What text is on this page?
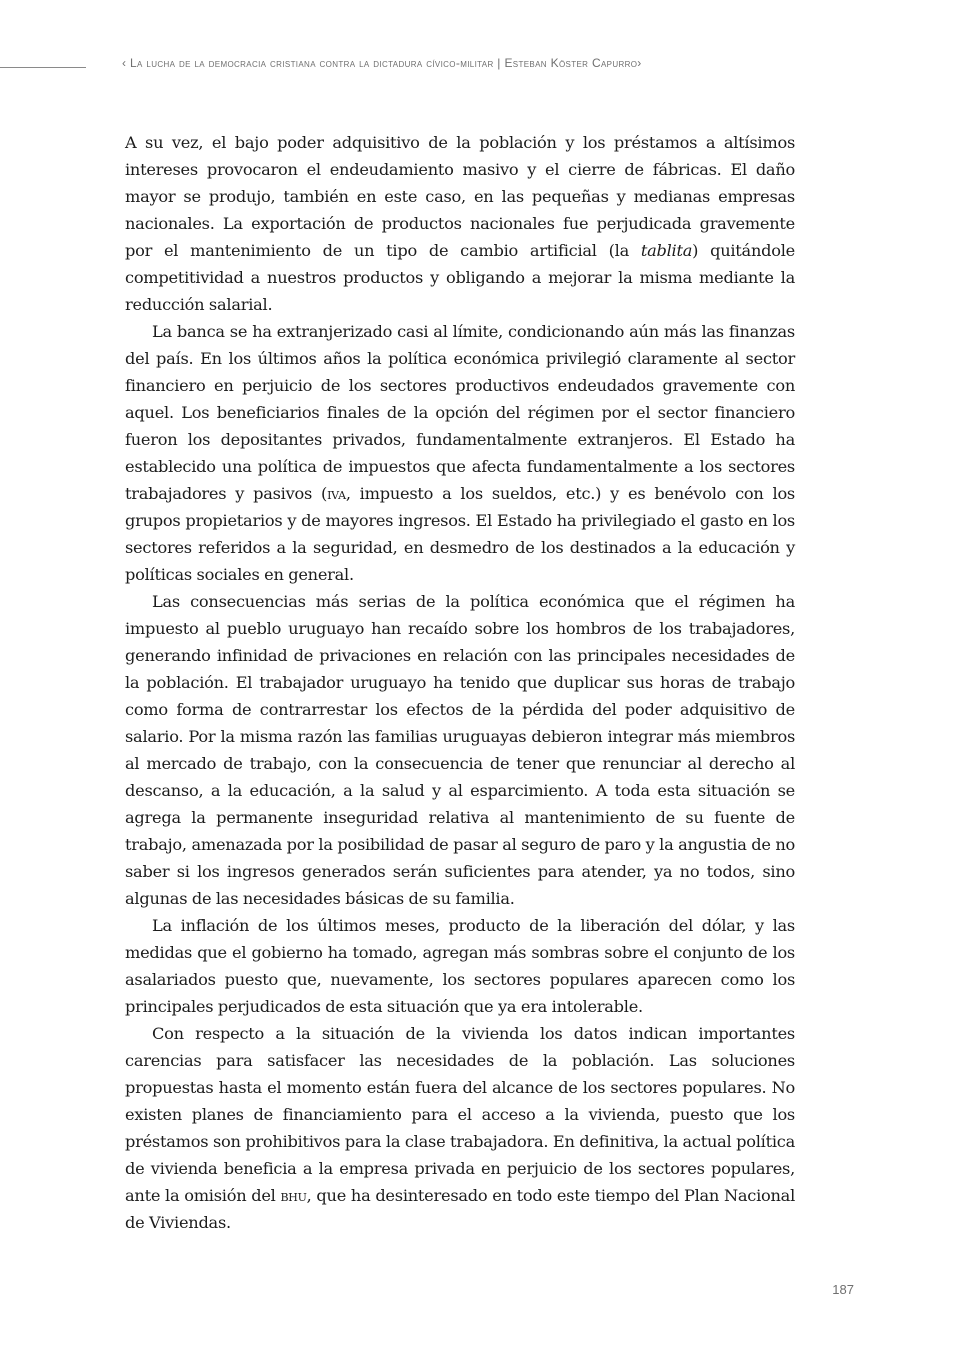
‹ La lucha de la democracia cristiana contra la dictadura cívico-militar | Esteban Köster Capurro›

A su vez, el bajo poder adquisitivo de la población y los préstamos a altísimos intereses provocaron el endeudamiento masivo y el cierre de fábricas. El daño mayor se produjo, también en este caso, en las pequeñas y medianas empresas nacionales. La exportación de productos nacionales fue perjudicada gravemente por el mantenimiento de un tipo de cambio artificial (la tablita) quitándole competitividad a nuestros productos y obligando a mejorar la misma mediante la reducción salarial.

La banca se ha extranjerizado casi al límite, condicionando aún más las finanzas del país. En los últimos años la política económica privilegió claramente al sector financiero en perjuicio de los sectores productivos endeudados gravemente con aquel. Los beneficiarios finales de la opción del régimen por el sector financiero fueron los depositantes privados, fundamentalmente extranjeros. El Estado ha establecido una política de impuestos que afecta fundamentalmente a los sectores trabajadores y pasivos (iva, impuesto a los sueldos, etc.) y es benévolo con los grupos propietarios y de mayores ingresos. El Estado ha privilegiado el gasto en los sectores referidos a la seguridad, en desmedro de los destinados a la educación y políticas sociales en general.

Las consecuencias más serias de la política económica que el régimen ha impuesto al pueblo uruguayo han recaído sobre los hombros de los trabajadores, generando infinidad de privaciones en relación con las principales necesidades de la población. El trabajador uruguayo ha tenido que duplicar sus horas de trabajo como forma de contrarrestar los efectos de la pérdida del poder adquisitivo de salario. Por la misma razón las familias uruguayas debieron integrar más miembros al mercado de trabajo, con la consecuencia de tener que renunciar al derecho al descanso, a la educación, a la salud y al esparcimiento. A toda esta situación se agrega la permanente inseguridad relativa al mantenimiento de su fuente de trabajo, amenazada por la posibilidad de pasar al seguro de paro y la angustia de no saber si los ingresos generados serán suficientes para atender, ya no todos, sino algunas de las necesidades básicas de su familia.

La inflación de los últimos meses, producto de la liberación del dólar, y las medidas que el gobierno ha tomado, agregan más sombras sobre el conjunto de los asalariados puesto que, nuevamente, los sectores populares aparecen como los principales perjudicados de esta situación que ya era intolerable.

Con respecto a la situación de la vivienda los datos indican importantes carencias para satisfacer las necesidades de la población. Las soluciones propuestas hasta el momento están fuera del alcance de los sectores populares. No existen planes de financiamiento para el acceso a la vivienda, puesto que los préstamos son prohibitivos para la clase trabajadora. En definitiva, la actual política de vivienda beneficia a la empresa privada en perjuicio de los sectores populares, ante la omisión del bhu, que ha desinteresado en todo este tiempo del Plan Nacional de Viviendas.

187
